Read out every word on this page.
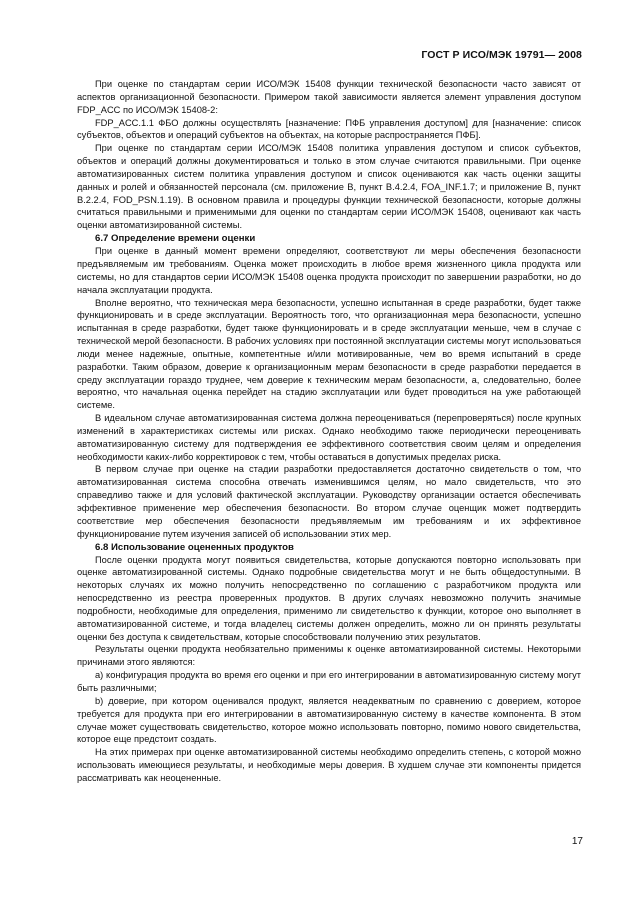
ГОСТ Р ИСО/МЭК 19791— 2008

При оценке по стандартам серии ИСО/МЭК 15408 функции технической безопасности часто зависят от аспектов организационной безопасности. Примером такой зависимости является элемент управления доступом FDP_ACC по ИСО/МЭК 15408-2:

FDP_ACC.1.1 ФБО должны осуществлять [назначение: ПФБ управления доступом] для [назначение: список субъектов, объектов и операций субъектов на объектах, на которые распространяется ПФБ].

При оценке по стандартам серии ИСО/МЭК 15408 политика управления доступом и список субъектов, объектов и операций должны документироваться и только в этом случае считаются правильными. При оценке автоматизированных систем политика управления доступом и список оцениваются как часть оценки защиты данных и ролей и обязанностей персонала (см. приложение В, пункт В.4.2.4, FOA_INF.1.7; и приложение В, пункт В.2.2.4, FOD_PSN.1.19). В основном правила и процедуры функции технической безопасности, которые должны считаться правильными и применимыми для оценки по стандартам серии ИСО/МЭК 15408, оценивают как часть оценки автоматизированной системы.

6.7 Определение времени оценки

При оценке в данный момент времени определяют, соответствуют ли меры обеспечения безопасности предъявляемым им требованиям. Оценка может происходить в любое время жизненного цикла продукта или системы, но для стандартов серии ИСО/МЭК 15408 оценка продукта происходит по завершении разработки, но до начала эксплуатации продукта.

Вполне вероятно, что техническая мера безопасности, успешно испытанная в среде разработки, будет также функционировать и в среде эксплуатации. Вероятность того, что организационная мера безопасности, успешно испытанная в среде разработки, будет также функционировать и в среде эксплуатации меньше, чем в случае с технической мерой безопасности. В рабочих условиях при постоянной эксплуатации системы могут использоваться люди менее надежные, опытные, компетентные и/или мотивированные, чем во время испытаний в среде разработки. Таким образом, доверие к организационным мерам безопасности в среде разработки передается в среду эксплуатации гораздо труднее, чем доверие к техническим мерам безопасности, а, следовательно, более вероятно, что начальная оценка перейдет на стадию эксплуатации или будет проводиться на уже работающей системе.

В идеальном случае автоматизированная система должна переоцениваться (перепроверяться) после крупных изменений в характеристиках системы или рисках. Однако необходимо также периодически переоценивать автоматизированную систему для подтверждения ее эффективного соответствия своим целям и определения необходимости каких-либо корректировок с тем, чтобы оставаться в допустимых пределах риска.

В первом случае при оценке на стадии разработки предоставляется достаточно свидетельств о том, что автоматизированная система способна отвечать изменившимся целям, но мало свидетельств, что это справедливо также и для условий фактической эксплуатации. Руководству организации остается обеспечивать эффективное применение мер обеспечения безопасности. Во втором случае оценщик может подтвердить соответствие мер обеспечения безопасности предъявляемым им требованиям и их эффективное функционирование путем изучения записей об использовании этих мер.

6.8 Использование оцененных продуктов

После оценки продукта могут появиться свидетельства, которые допускаются повторно использовать при оценке автоматизированной системы. Однако подробные свидетельства могут и не быть общедоступными. В некоторых случаях их можно получить непосредственно по соглашению с разработчиком продукта или непосредственно из реестра проверенных продуктов. В других случаях невозможно получить значимые подробности, необходимые для определения, применимо ли свидетельство к функции, которое оно выполняет в автоматизированной системе, и тогда владелец системы должен определить, можно ли он принять результаты оценки без доступа к свидетельствам, которые способствовали получению этих результатов.

Результаты оценки продукта необязательно применимы к оценке автоматизированной системы. Некоторыми причинами этого являются:

а) конфигурация продукта во время его оценки и при его интегрировании в автоматизированную систему могут быть различными;

b) доверие, при котором оценивался продукт, является неадекватным по сравнению с доверием, которое требуется для продукта при его интегрировании в автоматизированную систему в качестве компонента. В этом случае может существовать свидетельство, которое можно использовать повторно, помимо нового свидетельства, которое еще предстоит создать.

На этих примерах при оценке автоматизированной системы необходимо определить степень, с которой можно использовать имеющиеся результаты, и необходимые меры доверия. В худшем случае эти компоненты придется рассматривать как неоцененные.

17
